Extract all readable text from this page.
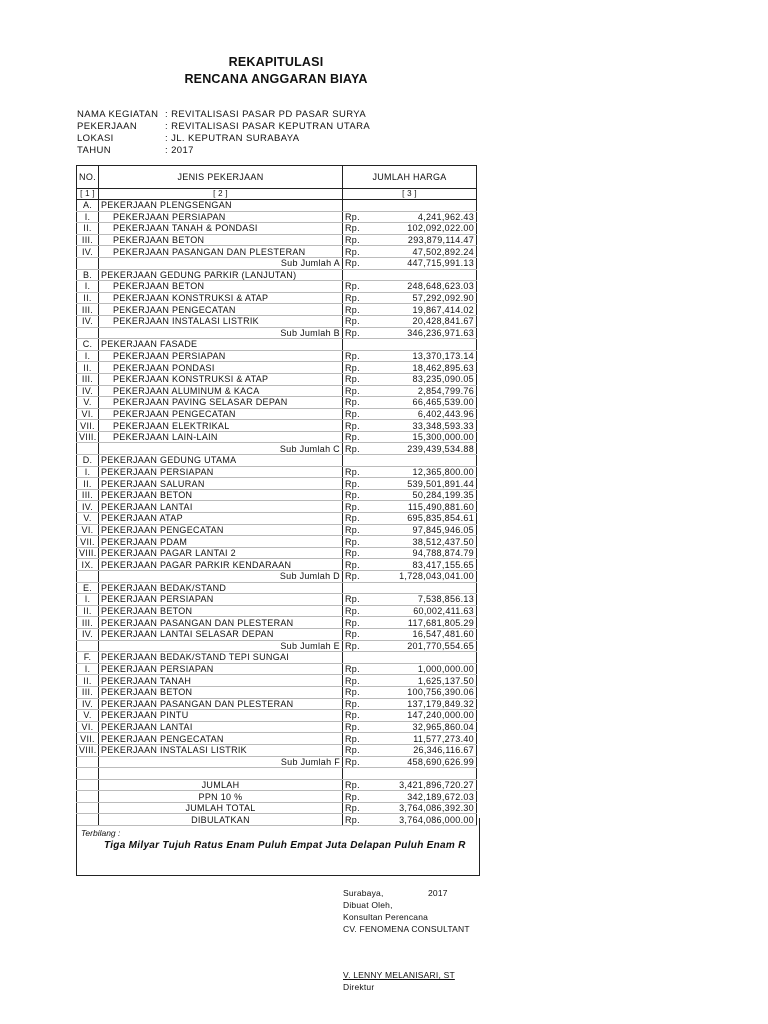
REKAPITULASI
RENCANA ANGGARAN BIAYA
NAMA KEGIATAN : REVITALISASI PASAR PD PASAR SURYA
PEKERJAAN	: REVITALISASI PASAR KEPUTRAN UTARA
LOKASI	: JL. KEPUTRAN SURABAYA
TAHUN	: 2017
NO.	JENIS PEKERJAAN	JUMLAH HARGA	
[ 1 ]	[ 2 ]	[ 3 ]	
A.	PEKERJAAN PLENGSENGAN		
I.	PEKERJAAN PERSIAPAN	Rp.	4,241,962.43
II.	PEKERJAAN TANAH & PONDASI	Rp.	102,092,022.00
III.	PEKERJAAN BETON	Rp.	293,879,114.47
IV.	PEKERJAAN PASANGAN DAN PLESTERAN	Rp.	47,502,892.24
	Sub Jumlah A	Rp.	447,715,991.13
B.	PEKERJAAN GEDUNG PARKIR (LANJUTAN)		
I.	PEKERJAAN BETON	Rp.	248,648,623.03
II.	PEKERJAAN KONSTRUKSI & ATAP	Rp.	57,292,092.90
III.	PEKERJAAN PENGECATAN	Rp.	19,867,414.02
IV.	PEKERJAAN INSTALASI LISTRIK	Rp.	20,428,841.67
	Sub Jumlah B	Rp.	346,236,971.63
C.	PEKERJAAN FASADE		
I.	PEKERJAAN PERSIAPAN	Rp.	13,370,173.14
II.	PEKERJAAN PONDASI	Rp.	18,462,895.63
III.	PEKERJAAN KONSTRUKSI & ATAP	Rp.	83,235,090.05
IV.	PEKERJAAN ALUMINUM & KACA	Rp.	2,854,799.76
V.	PEKERJAAN PAVING SELASAR DEPAN	Rp.	66,465,539.00
VI.	PEKERJAAN PENGECATAN	Rp.	6,402,443.96
VII.	PEKERJAAN ELEKTRIKAL	Rp.	33,348,593.33
VIII.	PEKERJAAN LAIN-LAIN	Rp.	15,300,000.00
	Sub Jumlah C	Rp.	239,439,534.88
D.	PEKERJAAN GEDUNG UTAMA		
I.	PEKERJAAN PERSIAPAN	Rp.	12,365,800.00
II.	PEKERJAAN SALURAN	Rp.	539,501,891.44
III.	PEKERJAAN BETON	Rp.	50,284,199.35
IV.	PEKERJAAN LANTAI	Rp.	115,490,881.60
V.	PEKERJAAN ATAP	Rp.	695,835,854.61
VI.	PEKERJAAN PENGECATAN	Rp.	97,845,946.05
VII.	PEKERJAAN PDAM	Rp.	38,512,437.50
VIII.	PEKERJAAN PAGAR LANTAI 2	Rp.	94,788,874.79
IX.	PEKERJAAN PAGAR PARKIR KENDARAAN	Rp.	83,417,155.65
	Sub Jumlah D	Rp.	1,728,043,041.00
E.	PEKERJAAN BEDAK/STAND		
I.	PEKERJAAN PERSIAPAN	Rp.	7,538,856.13
II.	PEKERJAAN BETON	Rp.	60,002,411.63
III.	PEKERJAAN PASANGAN DAN PLESTERAN	Rp.	117,681,805.29
IV.	PEKERJAAN LANTAI SELASAR DEPAN	Rp.	16,547,481.60
	Sub Jumlah E	Rp.	201,770,554.65
F.	PEKERJAAN BEDAK/STAND TEPI SUNGAI		
I.	PEKERJAAN PERSIAPAN	Rp.	1,000,000.00
II.	PEKERJAAN TANAH	Rp.	1,625,137.50
III.	PEKERJAAN BETON	Rp.	100,756,390.06
IV.	PEKERJAAN PASANGAN DAN PLESTERAN	Rp.	137,179,849.32
V.	PEKERJAAN PINTU	Rp.	147,240,000.00
VI.	PEKERJAAN LANTAI	Rp.	32,965,860.04
VII.	PEKERJAAN PENGECATAN	Rp.	11,577,273.40
VIII.	PEKERJAAN INSTALASI LISTRIK	Rp.	26,346,116.67
	Sub Jumlah F	Rp.	458,690,626.99

	JUMLAH	Rp.	3,421,896,720.27
	PPN 10 %	Rp.	342,189,672.03
	JUMLAH TOTAL	Rp.	3,764,086,392.30
	DIBULATKAN	Rp.	3,764,086,000.00
Terbilang :
Tiga Milyar Tujuh Ratus Enam Puluh Empat Juta Delapan Puluh Enam R
Surabaya,	2017
Dibuat Oleh,
Konsultan Perencana
CV. FENOMENA CONSULTANT
V. LENNY MELANISARI, ST
Direktur
